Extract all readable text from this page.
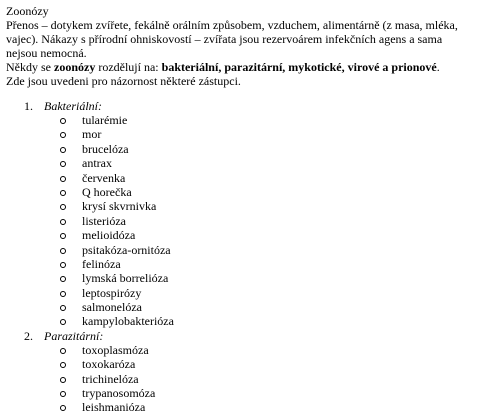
Zoonózy

Přenos – dotykem zvířete, fekálně orálním způsobem, vzduchem, alimentárně (z masa, mléka,

vajec). Nákazy s přírodní ohniskovostí – zvířata jsou rezervoárem infekčních agens a sama

nejsou nemocná.

Někdy se zoonózy rozdělují na: bakteriální, parazitární, mykotické, virové a prionové.

Zde jsou uvedeni pro názornost některé zástupci.

1. Bakteriální:
tularémie
mor
brucelóza
antrax
červenka
Q horečka
krysí skvrnivka
listerióza
melioidóza
psitakóza-ornitóza
felinóza
lymská borrelióza
leptospirózy
salmonelóza
kampylobakterióza
2. Parazitární:
toxoplasmóza
toxokaróza
trichinelóza
trypanosomóza
leishmanióza
